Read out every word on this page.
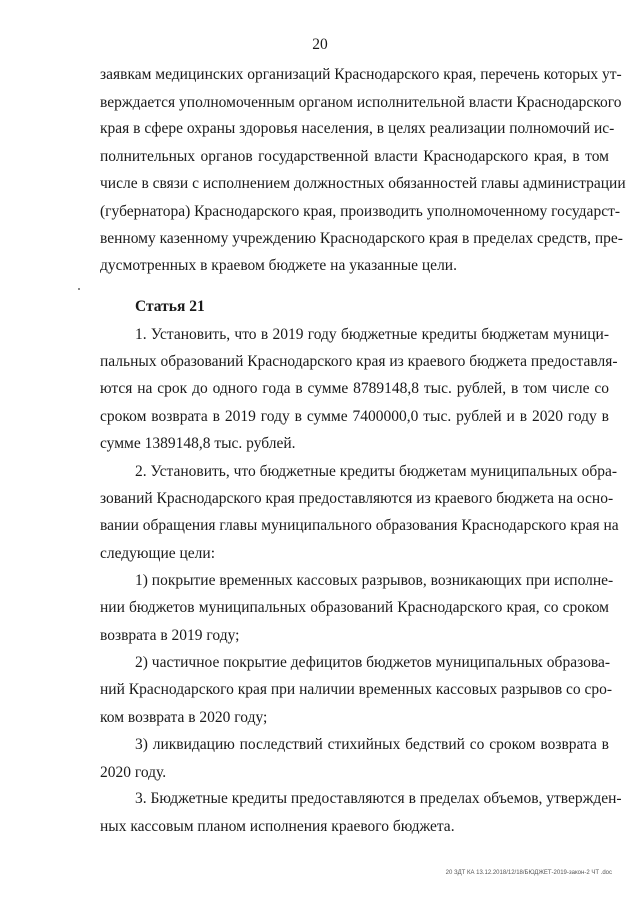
20
заявкам медицинских организаций Краснодарского края, перечень которых ут-
верждается уполномоченным органом исполнительной власти Краснодарского
края в сфере охраны здоровья населения, в целях реализации полномочий ис-
полнительных органов государственной власти Краснодарского края, в том
числе в связи с исполнением должностных обязанностей главы администрации
(губернатора) Краснодарского края, производить уполномоченному государст-
венному казенному учреждению Краснодарского края в пределах средств, пре-
дусмотренных в краевом бюджете на указанные цели.
Статья 21
1. Установить, что в 2019 году бюджетные кредиты бюджетам муници-
пальных образований Краснодарского края из краевого бюджета предоставля-
ются на срок до одного года в сумме 8789148,8 тыс. рублей, в том числе со
сроком возврата в 2019 году в сумме 7400000,0 тыс. рублей и в 2020 году в
сумме 1389148,8 тыс. рублей.
2. Установить, что бюджетные кредиты бюджетам муниципальных обра-
зований Краснодарского края предоставляются из краевого бюджета на осно-
вании обращения главы муниципального образования Краснодарского края на
следующие цели:
1) покрытие временных кассовых разрывов, возникающих при исполне-
нии бюджетов муниципальных образований Краснодарского края, со сроком
возврата в 2019 году;
2) частичное покрытие дефицитов бюджетов муниципальных образова-
ний Краснодарского края при наличии временных кассовых разрывов со сро-
ком возврата в 2020 году;
3) ликвидацию последствий стихийных бедствий со сроком возврата в
2020 году.
3. Бюджетные кредиты предоставляются в пределах объемов, утвержден-
ных кассовым планом исполнения краевого бюджета.
20 ЗДТ КА 13.12.2018/12/18/БЮДЖЕТ-2019-закон-2 ЧТ .doc
